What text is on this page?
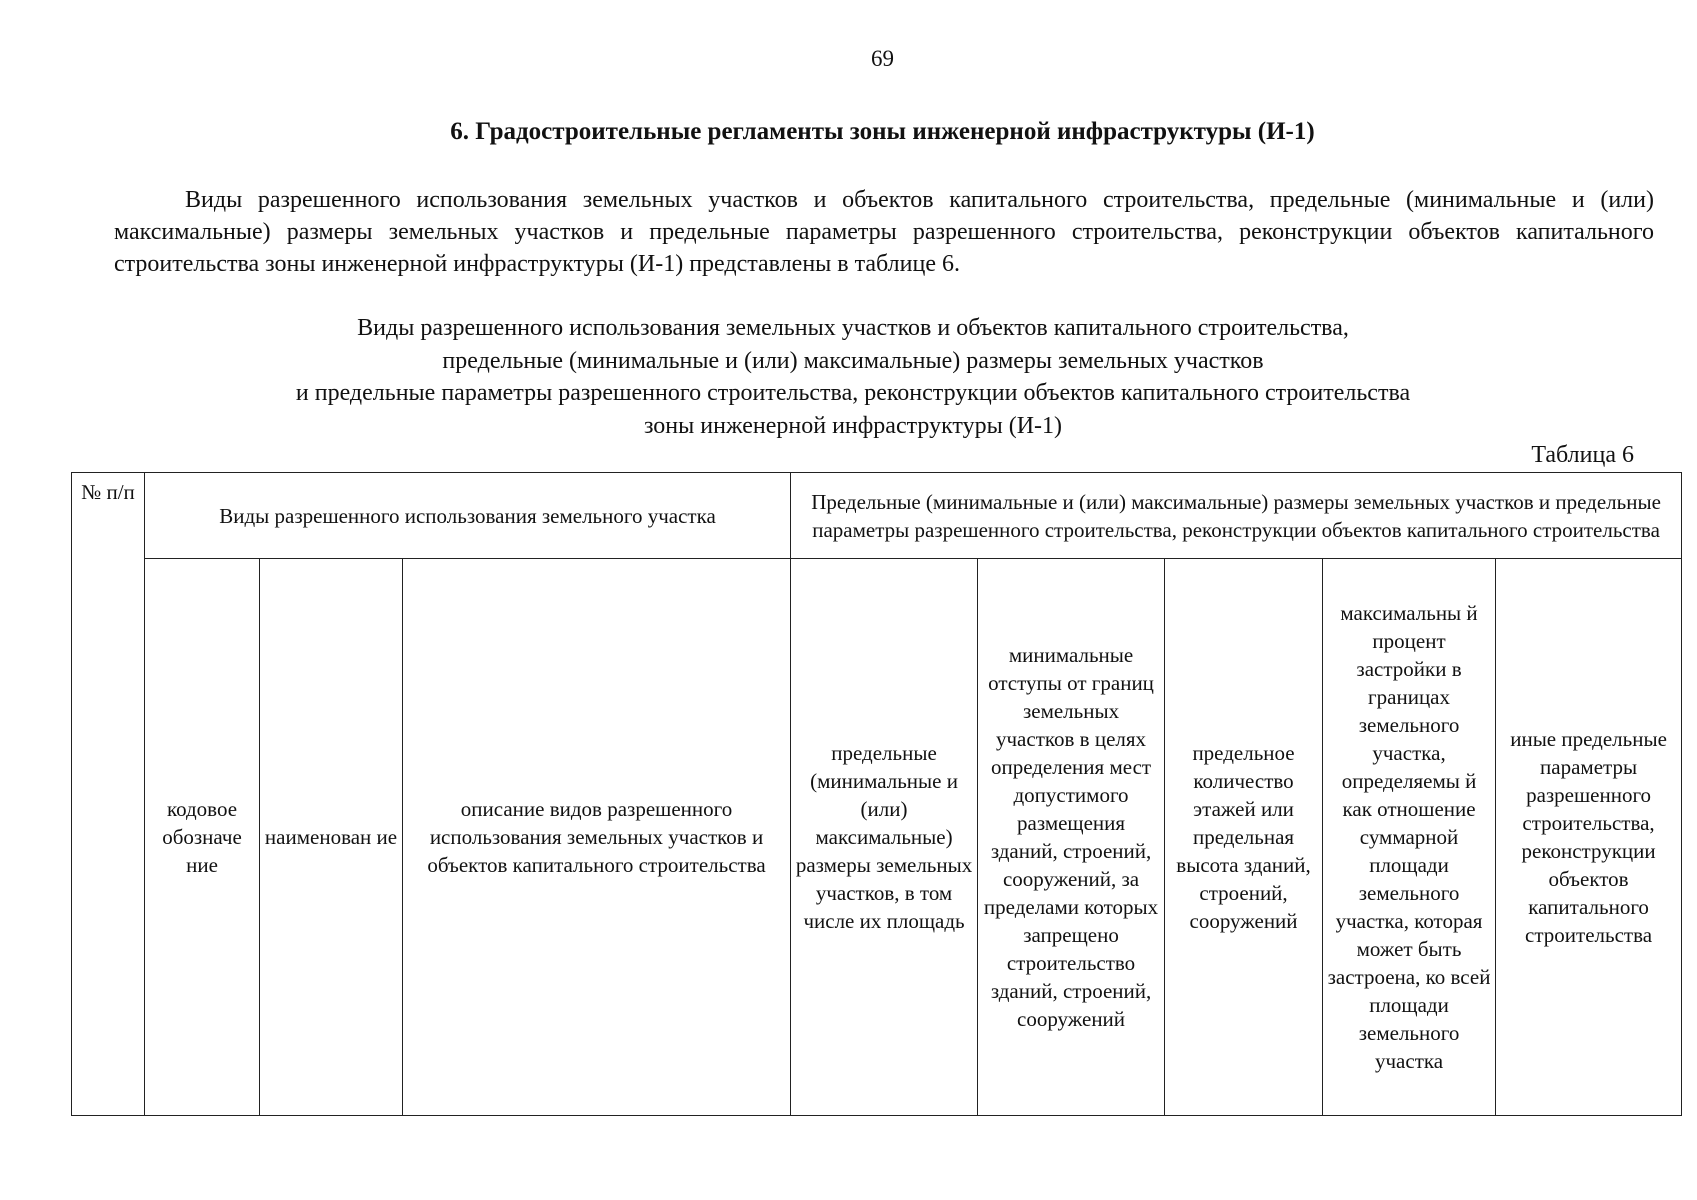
69
6. Градостроительные регламенты зоны инженерной инфраструктуры (И-1)

Виды разрешенного использования земельных участков и объектов капитального строительства, предельные (минимальные и (или) максимальные) размеры земельных участков и предельные параметры разрешенного строительства, реконструкции объектов капитального строительства зоны инженерной инфраструктуры (И-1) представлены в таблице 6.

Виды разрешенного использования земельных участков и объектов капитального строительства,
предельные (минимальные и (или) максимальные) размеры земельных участков
и предельные параметры разрешенного строительства, реконструкции объектов капитального строительства
зоны инженерной инфраструктуры (И-1)
Таблица 6
№ п/п	Виды разрешенного использования земельного участка			Предельные (минимальные и (или) максимальные) размеры земельных участков и предельные параметры разрешенного строительства, реконструкции объектов капитального строительства				
	кодовое обозначе ние	наименован ие	описание видов разрешенного использования земельных участков и объектов капитального строительства	предельные (минимальные и (или) максимальные) размеры земельных участков, в том числе их площадь	минимальные отступы от границ земельных участков в целях определения мест допустимого размещения зданий, строений, сооружений, за пределами которых запрещено строительство зданий, строений, сооружений	предельное количество этажей или предельная высота зданий, строений, сооружений	максимальны й процент застройки в границах земельного участка, определяемы й как отношение суммарной площади земельного участка, которая может быть застроена, ко всей площади земельного участка	иные предельные параметры разрешенного строительства, реконструкции объектов капитального строительства
